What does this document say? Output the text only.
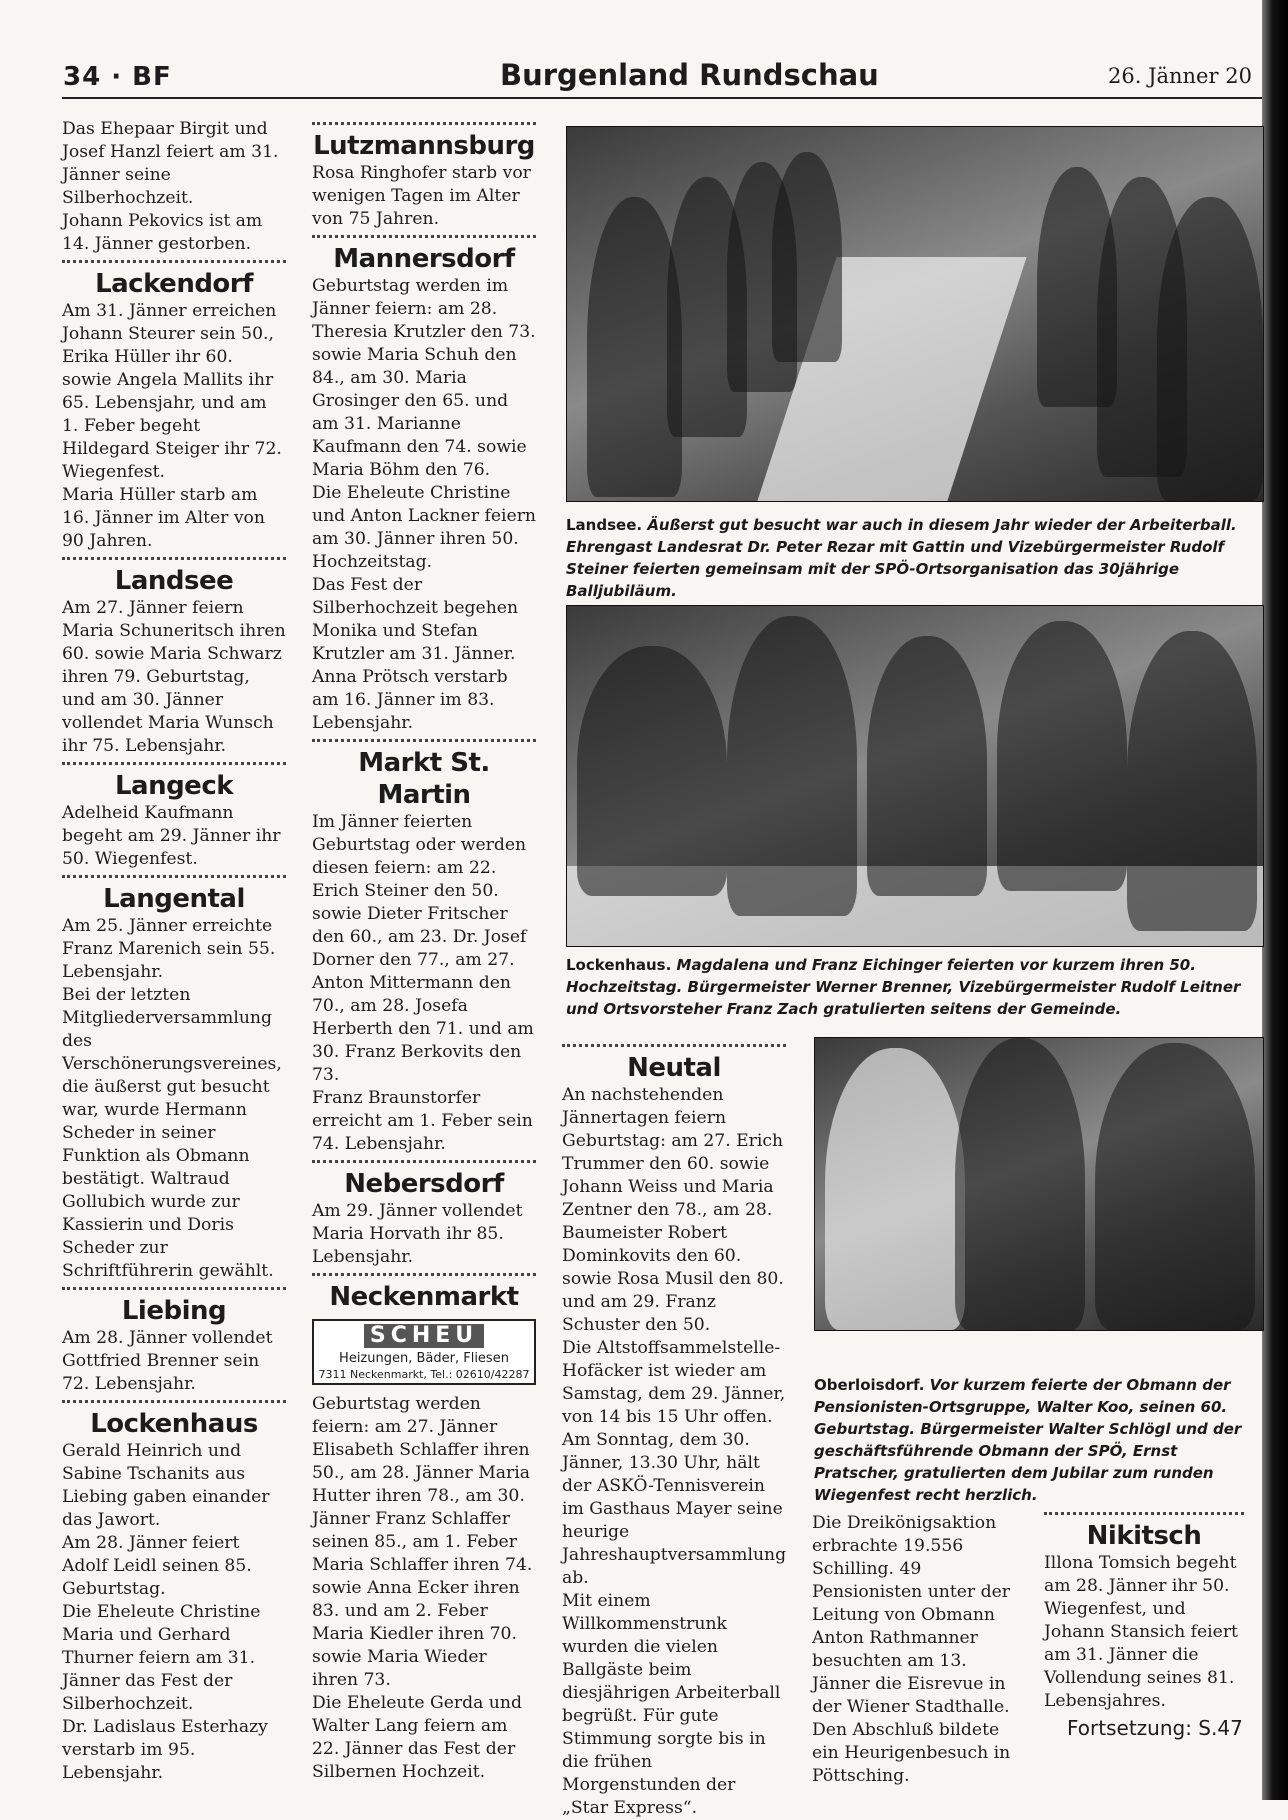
34 · BF	Burgenland Rundschau	26. Jänner 20

Das Ehepaar Birgit und Josef Hanzl feiert am 31. Jänner seine Silberhochzeit.

Johann Pekovics ist am 14. Jänner gestorben.

Lackendorf

Am 31. Jänner erreichen Johann Steurer sein 50., Erika Hüller ihr 60. sowie Angela Mallits ihr 65. Lebensjahr, und am 1. Feber begeht Hildegard Steiger ihr 72. Wiegenfest.

Maria Hüller starb am 16. Jänner im Alter von 90 Jahren.

Landsee

Am 27. Jänner feiern Maria Schuneritsch ihren 60. sowie Maria Schwarz ihren 79. Geburtstag, und am 30. Jänner vollendet Maria Wunsch ihr 75. Lebensjahr.

Langeck

Adelheid Kaufmann begeht am 29. Jänner ihr 50. Wiegenfest.

Langental

Am 25. Jänner erreichte Franz Marenich sein 55. Lebensjahr.

Bei der letzten Mitgliederversammlung des Verschönerungsvereines, die äußerst gut besucht war, wurde Hermann Scheder in seiner Funktion als Obmann bestätigt. Waltraud Gollubich wurde zur Kassierin und Doris Scheder zur Schriftführerin gewählt.

Liebing

Am 28. Jänner vollendet Gottfried Brenner sein 72. Lebensjahr.

Lockenhaus

Gerald Heinrich und Sabine Tschanits aus Liebing gaben einander das Jawort.

Am 28. Jänner feiert Adolf Leidl seinen 85. Geburtstag.

Die Eheleute Christine Maria und Gerhard Thurner feiern am 31. Jänner das Fest der Silberhochzeit.

Dr. Ladislaus Esterhazy verstarb im 95. Lebensjahr.

Lutzmannsburg

Rosa Ringhofer starb vor wenigen Tagen im Alter von 75 Jahren.

Mannersdorf

Geburtstag werden im Jänner feiern: am 28. Theresia Krutzler den 73. sowie Maria Schuh den 84., am 30. Maria Grosinger den 65. und am 31. Marianne Kaufmann den 74. sowie Maria Böhm den 76.

Die Eheleute Christine und Anton Lackner feiern am 30. Jänner ihren 50. Hochzeitstag.

Das Fest der Silberhochzeit begehen Monika und Stefan Krutzler am 31. Jänner.

Anna Prötsch verstarb am 16. Jänner im 83. Lebensjahr.

Markt St. Martin

Im Jänner feierten Geburtstag oder werden diesen feiern: am 22. Erich Steiner den 50. sowie Dieter Fritscher den 60., am 23. Dr. Josef Dorner den 77., am 27. Anton Mittermann den 70., am 28. Josefa Herberth den 71. und am 30. Franz Berkovits den 73.

Franz Braunstorfer erreicht am 1. Feber sein 74. Lebensjahr.

Nebersdorf

Am 29. Jänner vollendet Maria Horvath ihr 85. Lebensjahr.

Neckenmarkt
SCHEU
Heizungen, Bäder, Fliesen
7311 Neckenmarkt, Tel.: 02610/42287

Geburtstag werden feiern: am 27. Jänner Elisabeth Schlaffer ihren 50., am 28. Jänner Maria Hutter ihren 78., am 30. Jänner Franz Schlaffer seinen 85., am 1. Feber Maria Schlaffer ihren 74. sowie Anna Ecker ihren 83. und am 2. Feber Maria Kiedler ihren 70. sowie Maria Wieder ihren 73.

Die Eheleute Gerda und Walter Lang feiern am 22. Jänner das Fest der Silbernen Hochzeit.

Landsee. Äußerst gut besucht war auch in diesem Jahr wieder der Arbeiterball. Ehrengast Landesrat Dr. Peter Rezar mit Gattin und Vizebürgermeister Rudolf Steiner feierten gemeinsam mit der SPÖ-Ortsorganisation das 30jährige Balljubiläum.
Lockenhaus. Magdalena und Franz Eichinger feierten vor kurzem ihren 50. Hochzeitstag. Bürgermeister Werner Brenner, Vizebürgermeister Rudolf Leitner und Ortsvorsteher Franz Zach gratulierten seitens der Gemeinde.
Oberloisdorf. Vor kurzem feierte der Obmann der Pensionisten-Ortsgruppe, Walter Koo, seinen 60. Geburtstag. Bürgermeister Walter Schlögl und der geschäftsführende Obmann der SPÖ, Ernst Pratscher, gratulierten dem Jubilar zum runden Wiegenfest recht herzlich.
Neutal

An nachstehenden Jännertagen feiern Geburtstag: am 27. Erich Trummer den 60. sowie Johann Weiss und Maria Zentner den 78., am 28. Baumeister Robert Dominkovits den 60. sowie Rosa Musil den 80. und am 29. Franz Schuster den 50.

Die Altstoffsammelstelle-Hofäcker ist wieder am Samstag, dem 29. Jänner, von 14 bis 15 Uhr offen.

Am Sonntag, dem 30. Jänner, 13.30 Uhr, hält der ASKÖ-Tennisverein im Gasthaus Mayer seine heurige Jahreshauptversammlung ab.

Mit einem Willkommenstrunk wurden die vielen Ballgäste beim diesjährigen Arbeiterball begrüßt. Für gute Stimmung sorgte bis in die frühen Morgenstunden der „Star Express“.

Die Dreikönigsaktion erbrachte 19.556 Schilling. 49 Pensionisten unter der Leitung von Obmann Anton Rathmanner besuchten am 13. Jänner die Eisrevue in der Wiener Stadthalle. Den Abschluß bildete ein Heurigenbesuch in Pöttsching.

Nikitsch

Illona Tomsich begeht am 28. Jänner ihr 50. Wiegenfest, und Johann Stansich feiert am 31. Jänner die Vollendung seines 81. Lebensjahres.

Fortsetzung: S.47
